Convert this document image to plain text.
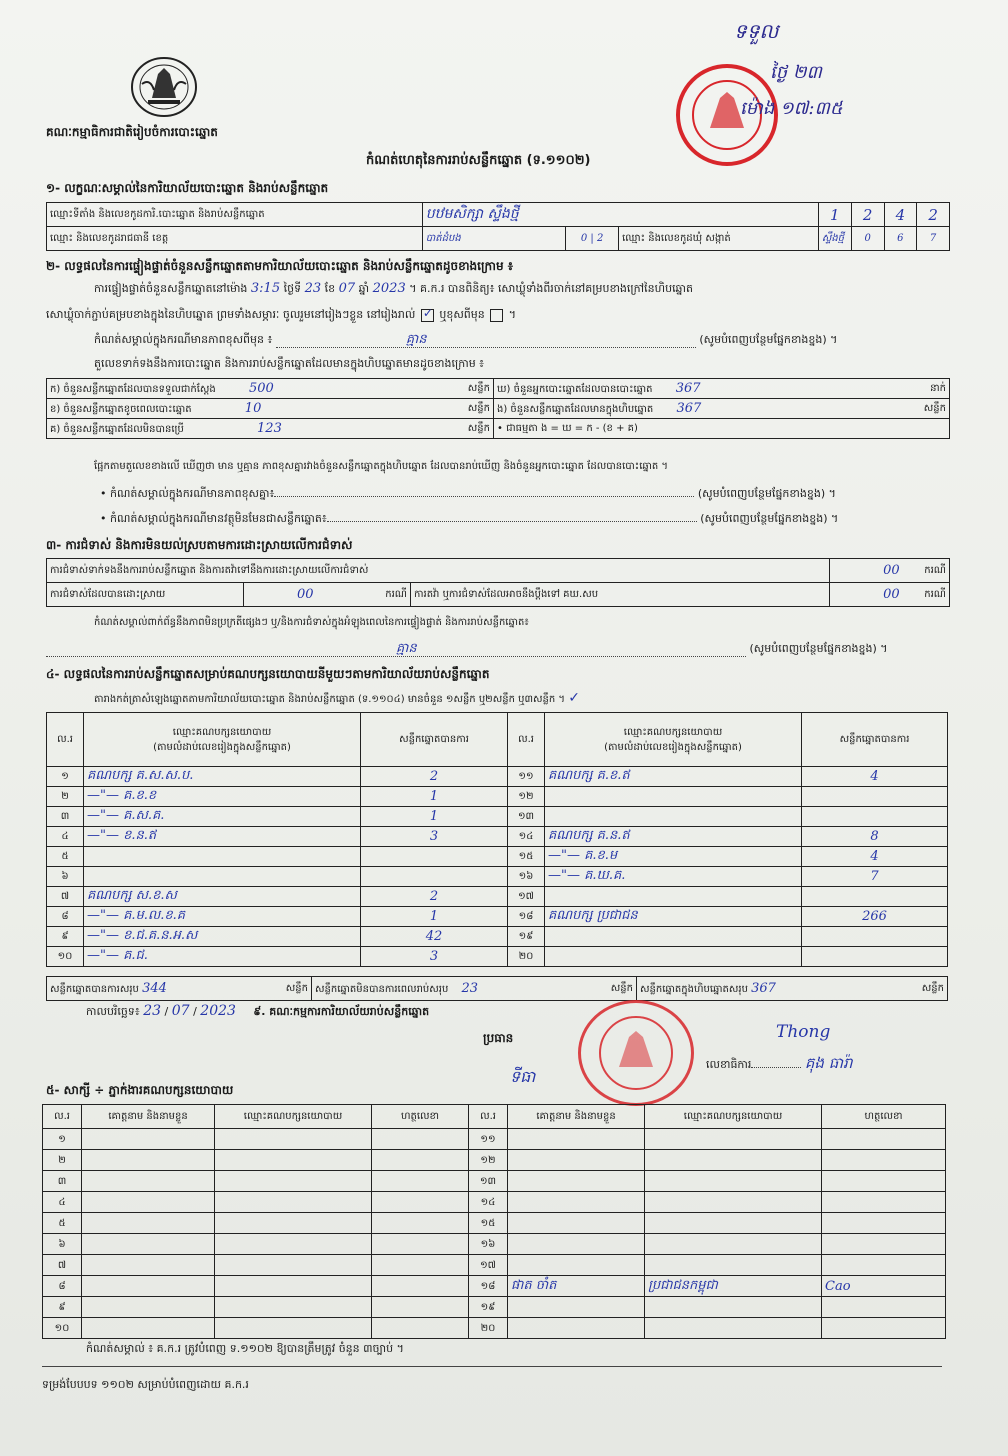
គណៈកម្មាធិការជាតិរៀបចំការបោះឆ្នោត
ទទួល
ថ្ងៃ ២៣
ម៉ោង ១៧:៣៥
កំណត់ហេតុនៃការរាប់សន្លឹកឆ្នោត (ទ.១១០២)
១- លក្ខណៈសម្គាល់នៃការិយាល័យបោះឆ្នោត និងរាប់សន្លឹកឆ្នោត
ឈ្មោះទីតាំង និងលេខកូដការិ.បោះឆ្នោត និងរាប់សន្លឹកឆ្នោត	បឋមសិក្សា ស្ទឹងថ្មី			1	2	4	2
ឈ្មោះ និងលេខកូដរាជធានី ខេត្ត	បាត់ដំបង	0 | 2	ឈ្មោះ និងលេខកូដឃុំ សង្កាត់	ស្ទឹងថ្មី	0	6	7
២- លទ្ធផលនៃការផ្ទៀងផ្ទាត់ចំនួនសន្លឹកឆ្នោតតាមការិយាល័យបោះឆ្នោត និងរាប់សន្លឹកឆ្នោតដូចខាងក្រោម ៖
ការផ្ទៀងផ្ទាត់ចំនួនសន្លឹកឆ្នោតនៅម៉ោង 3:15 ថ្ងៃទី 23 ខែ 07 ឆ្នាំ 2023 ។ គ.ក.រ បានពិនិត្យ៖ សោឃ្លុំទាំងពីរចាក់នៅគម្របខាងក្រៅនៃហិបឆ្នោត
សោឃ្លុំចាក់ភ្ជាប់គម្របខាងក្នុងនៃហិបឆ្នោត ព្រមទាំងសម្ភារៈ ចូលរួមនៅរៀងៗខ្លួន នៅរៀងរាល់ ✓ ឬខុសពីមុន  ។
កំណត់សម្គាល់ក្នុងករណីមានភាពខុសពីមុន ៖	គ្មាន	(សូមបំពេញបន្ថែមផ្នែកខាងខ្នង) ។
តួលេខទាក់ទងនឹងការបោះឆ្នោត និងការរាប់សន្លឹកឆ្នោតដែលមានក្នុងហិបឆ្នោតមានដូចខាងក្រោម ៖
ក) ចំនួនសន្លឹកឆ្នោតដែលបានទទួលជាក់ស្តែង 500 សន្លឹក	ឃ) ចំនួនអ្នកបោះឆ្នោតដែលបានបោះឆ្នោត 367 នាក់

ខ) ចំនួនសន្លឹកឆ្នោតខូចពេលបោះឆ្នោត 10 សន្លឹក	ង) ចំនួនសន្លឹកឆ្នោតដែលមានក្នុងហិបឆ្នោត 367 សន្លឹក

គ) ចំនួនសន្លឹកឆ្នោតដែលមិនបានប្រើ 123 សន្លឹក	• ជាធម្មតា ង = ឃ = ក - (ខ + គ)
ផ្អែកតាមតួលេខខាងលើ ឃើញថា មាន ឬគ្មាន ភាពខុសគ្នារវាងចំនួនសន្លឹកឆ្នោតក្នុងហិបឆ្នោត ដែលបានរាប់ឃើញ និងចំនួនអ្នកបោះឆ្នោត ដែលបានបោះឆ្នោត ។
• កំណត់សម្គាល់ក្នុងករណីមានភាពខុសគ្នា៖	(សូមបំពេញបន្ថែមផ្នែកខាងខ្នង) ។
• កំណត់សម្គាល់ក្នុងករណីមានវត្ថុមិនមែនជាសន្លឹកឆ្នោត៖	(សូមបំពេញបន្ថែមផ្នែកខាងខ្នង) ។
៣- ការជំទាស់ និងការមិនយល់ស្របតាមការដោះស្រាយលើការជំទាស់
ការជំទាស់ទាក់ទងនឹងការរាប់សន្លឹកឆ្នោត និងការតវ៉ាទៅនឹងការដោះស្រាយលើការជំទាស់			00 ករណី

ការជំទាស់ដែលបានដោះស្រាយ	00 ករណី	ការតវ៉ា ឬការជំទាស់ដែលអាចនឹងប្តឹងទៅ គឃ.សប	00 ករណី
កំណត់សម្គាល់ពាក់ព័ន្ធនឹងភាពមិនប្រក្រតីផ្សេងៗ ឬ/និងការជំទាស់ក្នុងអំឡុងពេលនៃការផ្ទៀងផ្ទាត់ និងការរាប់សន្លឹកឆ្នោត៖
គ្មាន	(សូមបំពេញបន្ថែមផ្នែកខាងខ្នង) ។
៤- លទ្ធផលនៃការរាប់សន្លឹកឆ្នោតសម្រាប់គណបក្សនយោបាយនីមួយៗតាមការិយាល័យរាប់សន្លឹកឆ្នោត
តារាងកត់ត្រាសំឡេងឆ្នោតតាមការិយាល័យបោះឆ្នោត និងរាប់សន្លឹកឆ្នោត (ទ.១១០៤) មានចំនួន ១សន្លឹក ឬ២សន្លឹក ឬ៣សន្លឹក ។ ✓
ល.រ	ឈ្មោះគណបក្សនយោបាយ
(តាមលំដាប់លេខរៀងក្នុងសន្លឹកឆ្នោត)	សន្លឹកឆ្នោតបានការ	ល.រ	ឈ្មោះគណបក្សនយោបាយ
(តាមលំដាប់លេខរៀងក្នុងសន្លឹកឆ្នោត)	សន្លឹកឆ្នោតបានការ
១	គណបក្ស គ.ស.ស.ប.	2	១១	គណបក្ស គ.ខ.ឥ	4
២	—"— គ.ខ.ខ	1	១២		
៣	—"— គ.ស.គ.	1	១៣		
៤	—"— ខ.ន.ឥ	3	១៤	គណបក្ស គ.ន.ឥ	8
៥			១៥	—"— គ.ខ.ម	4
៦			១៦	—"— គ.ឃ.គ.	7
៧	គណបក្ស ស.ខ.ស	2	១៧		
៨	—"— គ.ម.ល.ខ.គ	1	១៨	គណបក្ស ប្រជាជន	266
៩	—"— ខ.ជ.គ.ន.អ.ស	42	១៩		
១០	—"— គ.ជ.	3	២០		
សន្លឹកឆ្នោតបានការសរុប 344	សន្លឹក	សន្លឹកឆ្នោតមិនបានការពេលរាប់សរុប 23	សន្លឹក	សន្លឹកឆ្នោតក្នុងហិបឆ្នោតសរុប 367	សន្លឹក
កាលបរិច្ឆេទ៖ 23 / 07 / 2023 ៩. គណៈកម្មការការិយាល័យរាប់សន្លឹកឆ្នោត
ប្រធាន
ទីធា
Thong
លេខាធិការ	គុង ធារ៉ា
៥- សាក្សី ÷ ភ្នាក់ងារគណបក្សនយោបាយ
ល.រ	គោត្តនាម និងនាមខ្លួន	ឈ្មោះគណបក្សនយោបាយ	ហត្ថលេខា	ល.រ	គោត្តនាម និងនាមខ្លួន	ឈ្មោះគណបក្សនយោបាយ	ហត្ថលេខា
១				១១			
២				១២			
៣				១៣			
៤				១៤			
៥				១៥			
៦				១៦			
៧				១៧			
៨				១៨	ផាត ចាំត	ប្រជាជនកម្ពុជា	Cao
៩				១៩			
១០				២០			
កំណត់សម្គាល់ ៖ គ.ក.រ ត្រូវបំពេញ ទ.១១០២ ឱ្យបានត្រឹមត្រូវ ចំនួន ៣ច្បាប់ ។
ទម្រង់បែបបទ ១១០២ សម្រាប់បំពេញដោយ គ.ក.រ
